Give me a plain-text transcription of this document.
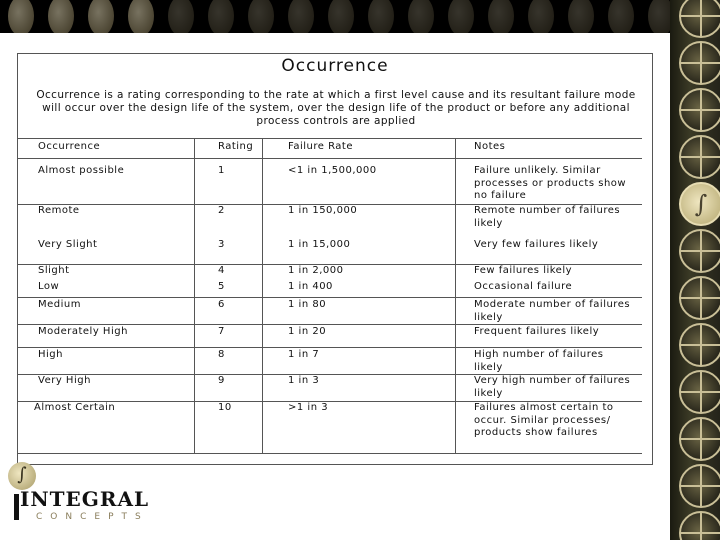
∫
Occurrence
Occurrence is a rating corresponding to the rate at which a first level cause and its resultant failure mode will occur over the design life of the system, over the design life of the product or before any additional process controls are applied
Occurrence	Rating	Failure Rate	Notes
Almost possible	1	<1 in 1,500,000	Failure unlikely. Similar processes or products show no failure
Remote	2	1 in 150,000	Remote number of failures likely
Very Slight	3	1 in 15,000	Very few failures likely
Slight	4	1 in 2,000	Few failures likely
Low	5	1 in 400	Occasional failure
Medium	6	1 in 80	Moderate number of failures likely
Moderately High	7	1 in 20	Frequent failures likely
High	8	1 in 7	High number of failures likely
Very High	9	1 in 3	Very high number of failures likely
Almost Certain	10	>1 in 3	Failures almost certain to occur. Similar processes/ products show failures
∫
INTEGRAL
CONCEPTS
